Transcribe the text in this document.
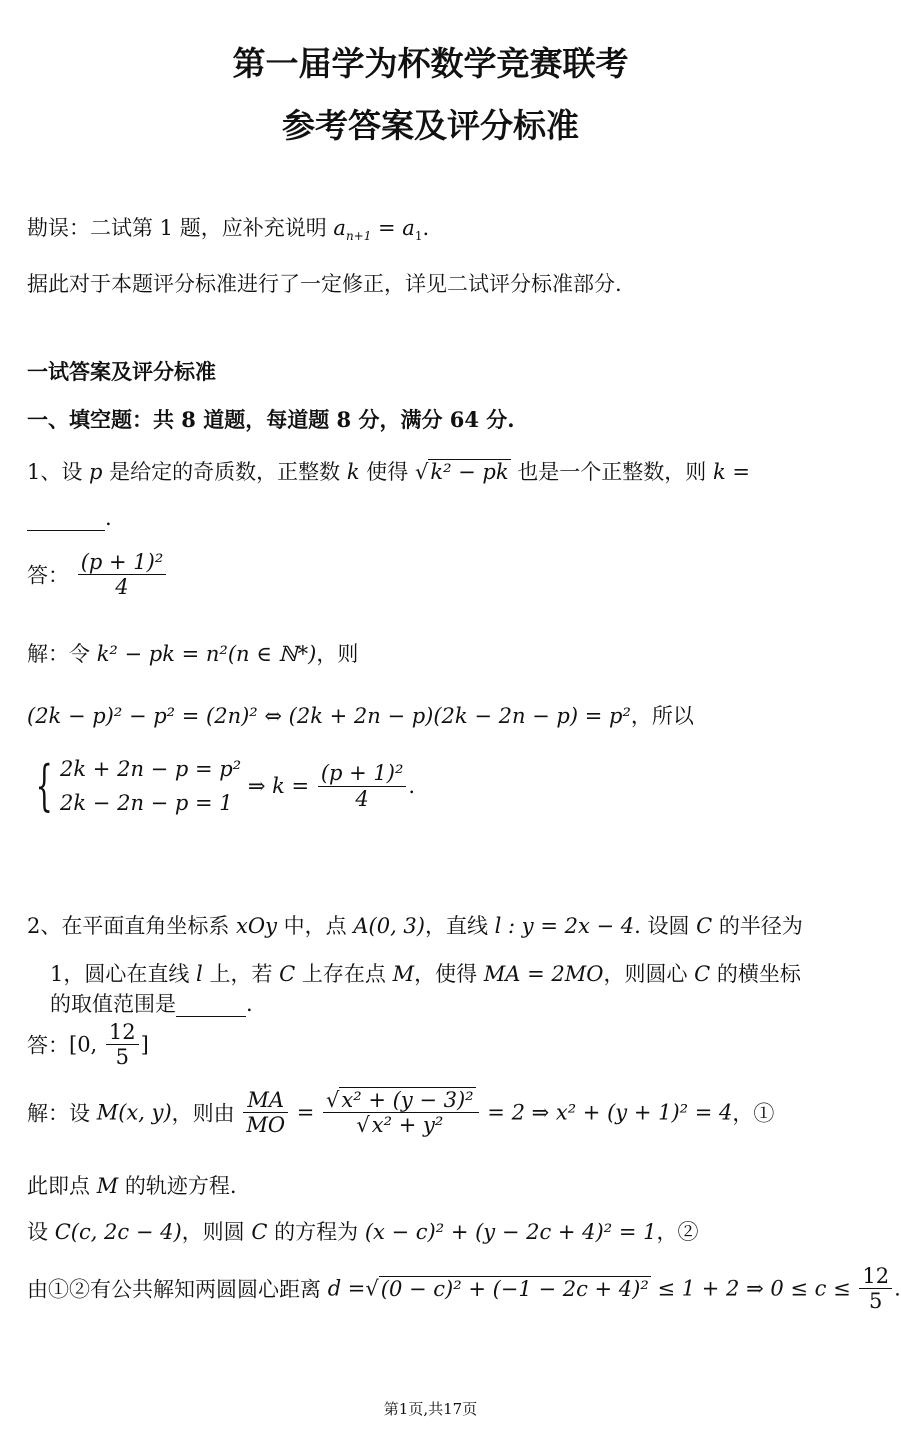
第一届学为杯数学竞赛联考
参考答案及评分标准
勘误：二试第 1 题，应补充说明 $a_{n+1} = a_1$.
据此对于本题评分标准进行了一定修正，详见二试评分标准部分.
一试答案及评分标准
一、填空题：共 8 道题，每道题 8 分，满分 64 分.
1、设 p 是给定的奇质数，正整数 k 使得 √k² − pk 也是一个正整数，则 k =
.
答： $\frac{\text{(p + 1)²}}{4}$
解：令 k² − pk = n²(n ∈ ℕ*)，则
(2k − p)² − p² = (2n)² ⇔ (2k + 2n − p)(2k − 2n − p) = p²，所以
{ 2k + 2n − p = p²
2k − 2n − p = 1
⇒ $k = \frac{\text{(p + 1)²}}{4}$ .
2、在平面直角坐标系 xOy 中，点 A(0, 3)，直线 l : y = 2x − 4. 设圆 C 的半径为
1，圆心在直线 l 上，若 C 上存在点 M，使得 MA = 2MO，则圆心 C 的横坐标
的取值范围是	.
答：[0, $\frac{12}{5}$ ]
解：设 M(x, y)，则由 $\frac{MA}{MO} = \frac{\text{√x² + (y − 3)²}}{\text{√x² + y²}} = 2$ ⇒ x² + (y + 1)² = 4，①
此即点 M 的轨迹方程.
设 C(c, 2c − 4)，则圆 C 的方程为 (x − c)² + (y − 2c + 4)² = 1，②
由①②有公共解知两圆圆心距离 d =√(0 − c)² + (−1 − 2c + 4)² ≤ 1 + 2 ⇒ $0 \le c \le \frac{12}{5}$ .
第1页,共17页
